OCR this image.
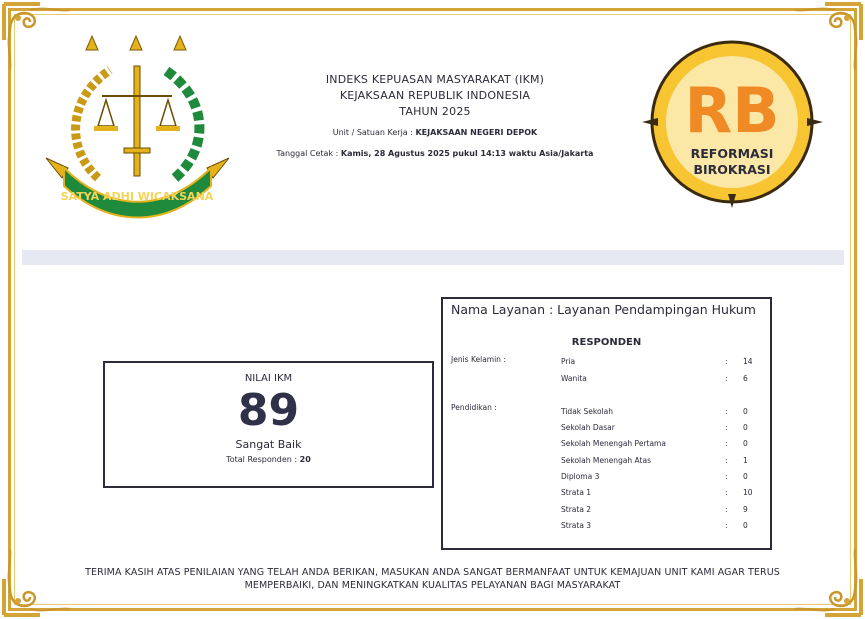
SATYA ADHI WICAKSANA
RB
REFORMASI
BIROKRASI
INDEKS KEPUASAN MASYARAKAT (IKM)
KEJAKSAAN REPUBLIK INDONESIA
TAHUN 2025
Unit / Satuan Kerja : KEJAKSAAN NEGERI DEPOK
Tanggal Cetak : Kamis, 28 Agustus 2025 pukul 14:13 waktu Asia/Jakarta
NILAI IKM
89
Sangat Baik
Total Responden : 20
Nama Layanan : Layanan Pendampingan Hukum
RESPONDEN
Jenis Kelamin :	Pria	: 14
Wanita	: 6
Pendidikan :	Tidak Sekolah	: 0
Sekolah Dasar	: 0
Sekolah Menengah Pertama	: 0
Sekolah Menengah Atas	: 1
Diploma 3	: 0
Strata 1	: 10
Strata 2	: 9
Strata 3	: 0
TERIMA KASIH ATAS PENILAIAN YANG TELAH ANDA BERIKAN, MASUKAN ANDA SANGAT BERMANFAAT UNTUK KEMAJUAN UNIT KAMI AGAR TERUS
MEMPERBAIKI, DAN MENINGKATKAN KUALITAS PELAYANAN BAGI MASYARAKAT
